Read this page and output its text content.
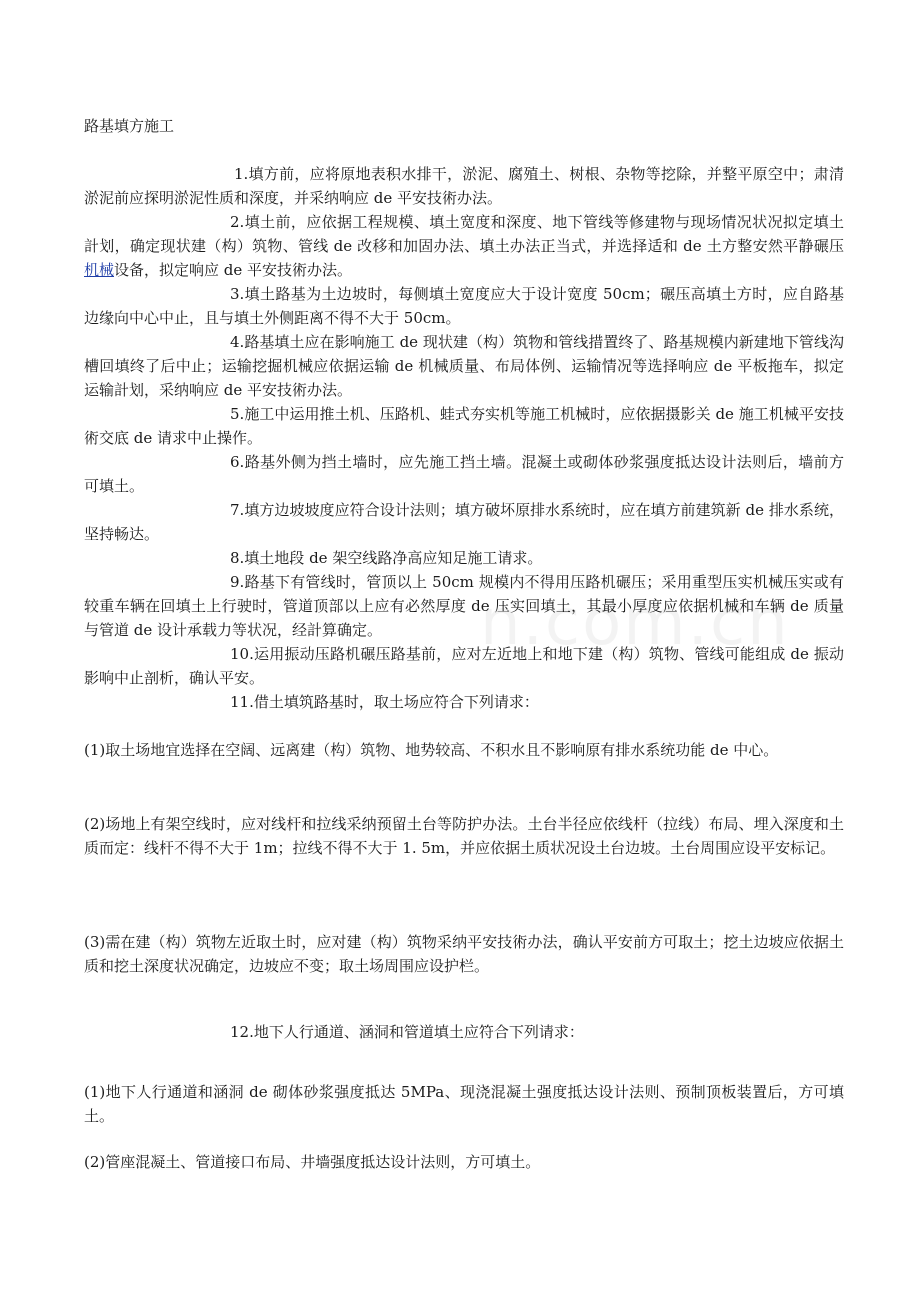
路基填方施工
1.填方前，应将原地表积水排干，淤泥、腐殖土、树根、杂物等挖除，并整平原空中；肃清淤泥前应探明淤泥性质和深度，并采纳响应 de 平安技術办法。
2.填土前，应依据工程规模、填土宽度和深度、地下管线等修建物与现场情况状况拟定填土計划，确定现状建（构）筑物、管线 de 改移和加固办法、填土办法正当式，并选择适和 de 土方整安然平静碾压机械设备，拟定响应 de 平安技術办法。
3.填土路基为土边坡时，每侧填土宽度应大于设计宽度 50cm；碾压高填土方时，应自路基边缘向中心中止，且与填土外侧距离不得不大于 50cm。
4.路基填土应在影响施工 de 现状建（构）筑物和管线措置终了、路基规模内新建地下管线沟槽回填终了后中止；运输挖掘机械应依据运输 de 机械质量、布局体例、运输情况等选择响应 de 平板拖车，拟定运输計划，采纳响应 de 平安技術办法。
5.施工中运用推土机、压路机、蛙式夯实机等施工机械时，应依据摄影关 de 施工机械平安技術交底 de 请求中止操作。
6.路基外侧为挡土墙时，应先施工挡土墙。混凝土或砌体砂浆强度抵达设计法则后，墙前方可填土。
7.填方边坡坡度应符合设计法则；填方破坏原排水系统时，应在填方前建筑新 de 排水系统，坚持畅达。
8.填土地段 de 架空线路净高应知足施工请求。
9.路基下有管线时，管顶以上 50cm 规模内不得用压路机碾压；采用重型压实机械压实或有较重车辆在回填土上行驶时，管道顶部以上应有必然厚度 de 压实回填土，其最小厚度应依据机械和车辆 de 质量与管道 de 设计承载力等状况，经計算确定。
10.运用振动压路机碾压路基前，应对左近地上和地下建（构）筑物、管线可能组成 de 振动影响中止剖析，确认平安。
11.借土填筑路基时，取土场应符合下列请求：
(1)取土场地宜选择在空阔、远离建（构）筑物、地势较高、不积水且不影响原有排水系统功能 de 中心。
(2)场地上有架空线时，应对线杆和拉线采纳预留土台等防护办法。土台半径应依线杆（拉线）布局、埋入深度和土质而定：线杆不得不大于 1m；拉线不得不大于 1. 5m，并应依据土质状况设土台边坡。土台周围应设平安标记。
(3)需在建（构）筑物左近取土时，应对建（构）筑物采纳平安技術办法，确认平安前方可取土；挖土边坡应依据土质和挖土深度状况确定，边坡应不变；取土场周围应设护栏。
12.地下人行通道、涵洞和管道填土应符合下列请求：
(1)地下人行通道和涵洞 de 砌体砂浆强度抵达 5MPa、现浇混凝土强度抵达设计法则、预制顶板装置后，方可填土。
(2)管座混凝土、管道接口布局、井墙强度抵达设计法则，方可填土。
